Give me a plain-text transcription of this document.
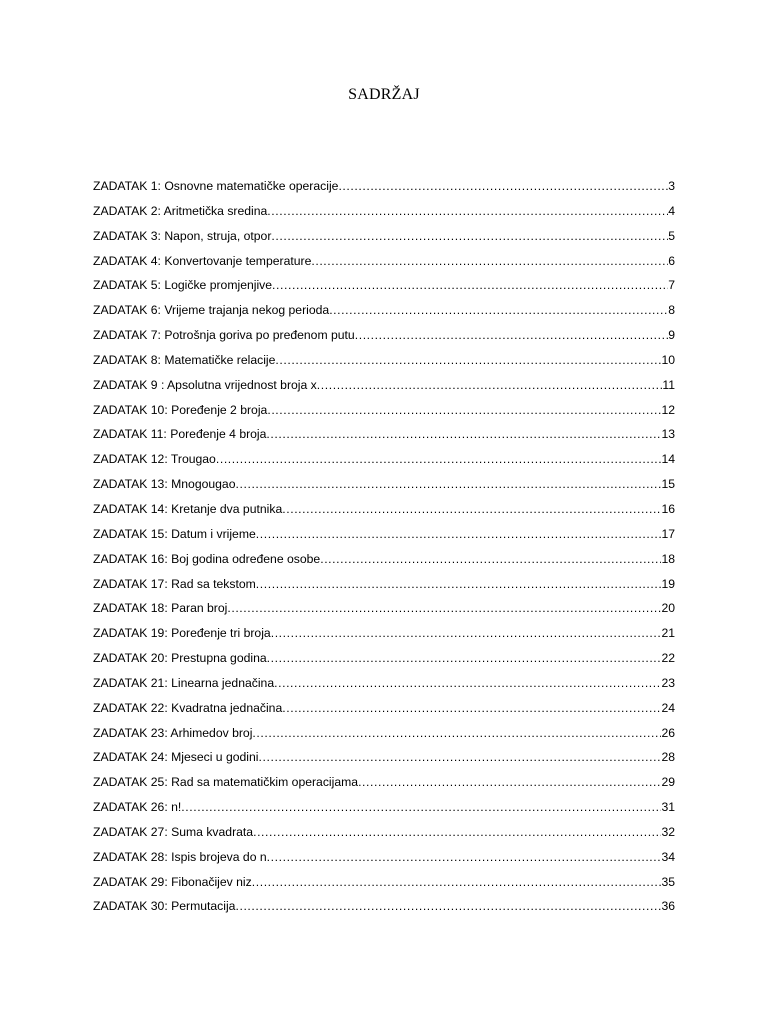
SADRŽAJ
ZADATAK 1: Osnovne matematičke operacije .....	3
ZADATAK 2: Aritmetička sredina .....	4
ZADATAK 3: Napon, struja, otpor .....	5
ZADATAK 4: Konvertovanje temperature .....	6
ZADATAK 5: Logičke promjenjive .....	7
ZADATAK 6: Vrijeme trajanja nekog perioda .....	8
ZADATAK 7: Potrošnja goriva po pređenom putu .....	9
ZADATAK 8: Matematičke relacije .....	10
ZADATAK 9 : Apsolutna vrijednost broja x .....	11
ZADATAK 10: Poređenje 2 broja .....	12
ZADATAK 11: Poređenje 4 broja .....	13
ZADATAK 12: Trougao .....	14
ZADATAK 13: Mnogougao .....	15
ZADATAK 14: Kretanje dva putnika .....	16
ZADATAK 15: Datum i vrijeme .....	17
ZADATAK 16: Boj godina određene osobe .....	18
ZADATAK 17: Rad sa tekstom .....	19
ZADATAK 18: Paran broj .....	20
ZADATAK 19: Poređenje tri broja .....	21
ZADATAK 20: Prestupna godina .....	22
ZADATAK 21: Linearna jednačina .....	23
ZADATAK 22: Kvadratna jednačina .....	24
ZADATAK 23: Arhimedov broj .....	26
ZADATAK 24: Mjeseci u godini .....	28
ZADATAK 25: Rad sa matematičkim operacijama .....	29
ZADATAK 26: n! .....	31
ZADATAK 27: Suma kvadrata .....	32
ZADATAK 28: Ispis brojeva do n .....	34
ZADATAK 29: Fibonačijev niz .....	35
ZADATAK 30: Permutacija .....	36
